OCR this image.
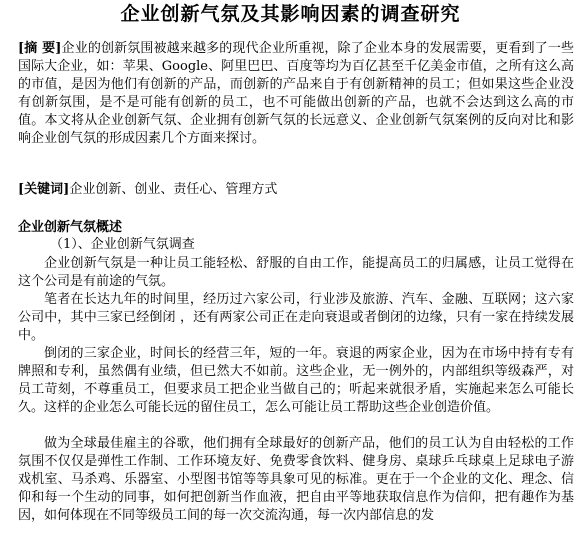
企业创新气氛及其影响因素的调查研究

[摘 要]企业的创新氛围被越来越多的现代企业所重视，除了企业本身的发展需要，更看到了一些国际大企业，如：苹果、Google、阿里巴巴、百度等均为百亿甚至千亿美金市值，之所有这么高的市值，是因为他们有创新的产品，而创新的产品来自于有创新精神的员工；但如果这些企业没有创新氛围，是不是可能有创新的员工，也不可能做出创新的产品，也就不会达到这么高的市值。本文将从企业创新气氛、企业拥有创新气氛的长远意义、企业创新气氛案例的反向对比和影响企业创气氛的形成因素几个方面来探讨。

[关键词]企业创新、创业、责任心、管理方式

企业创新气氛概述
（1）、企业创新气氛调查

企业创新气氛是一种让员工能轻松、舒服的自由工作，能提高员工的归属感，让员工觉得在这个公司是有前途的气氛。

笔者在长达九年的时间里，经历过六家公司，行业涉及旅游、汽车、金融、互联网；这六家公司中，其中三家已经倒闭 ，还有两家公司正在走向衰退或者倒闭的边缘，只有一家在持续发展中。

倒闭的三家企业，时间长的经营三年，短的一年。衰退的两家企业，因为在市场中持有专有牌照和专利，虽然偶有业绩，但已然大不如前。这些企业，无一例外的，内部组织等级森严，对员工苛刻，不尊重员工，但要求员工把企业当做自己的；听起来就很矛盾，实施起来怎么可能长久。这样的企业怎么可能长远的留住员工，怎么可能让员工帮助这些企业创造价值。

做为全球最佳雇主的谷歌，他们拥有全球最好的创新产品，他们的员工认为自由轻松的工作氛围不仅仅是弹性工作制、工作环境友好、免费零食饮料、健身房、桌球乒乓球桌上足球电子游戏机室、马杀鸡、乐器室、小型图书馆等等具象可见的标准。更在于一个企业的文化、理念、信仰和每一个生动的同事，如何把创新当作血液，把自由平等地获取信息作为信仰，把有趣作为基因，如何体现在不同等级员工间的每一次交流沟通，每一次内部信息的发
